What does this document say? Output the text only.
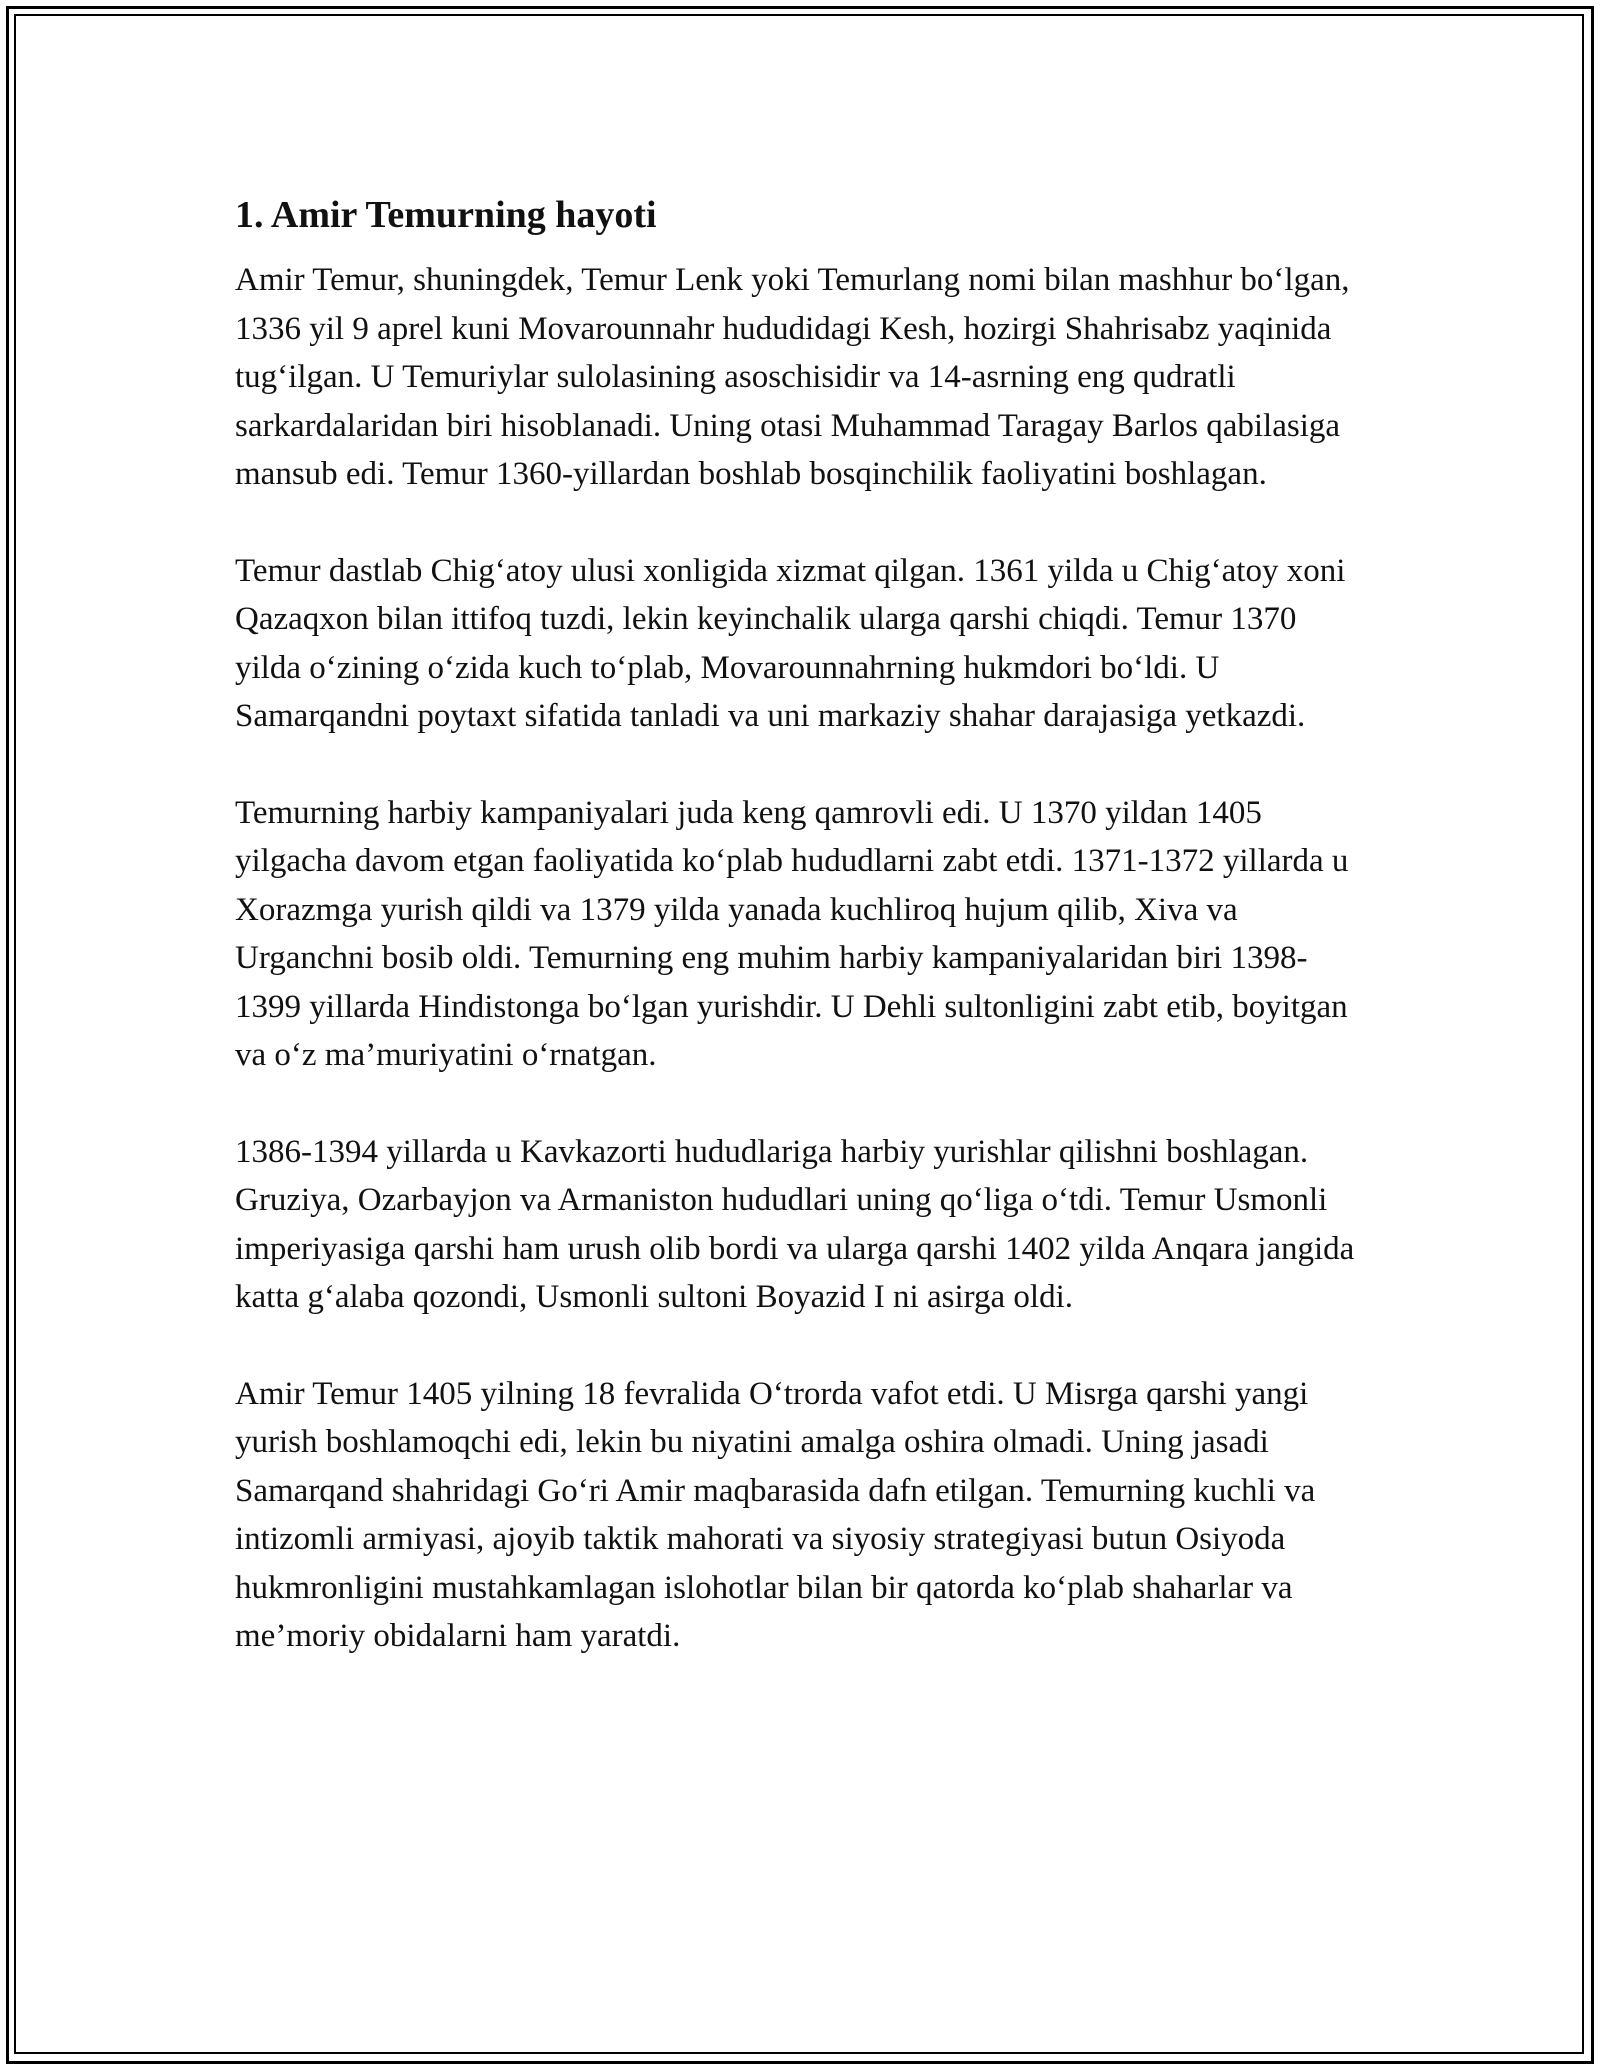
1. Amir Temurning hayoti

Amir Temur, shuningdek, Temur Lenk yoki Temurlang nomi bilan mashhur bo‘lgan, 1336 yil 9 aprel kuni Movarounnahr hududidagi Kesh, hozirgi Shahrisabz yaqinida tug‘ilgan. U Temuriylar sulolasining asoschisidir va 14-asrning eng qudratli sarkardalaridan biri hisoblanadi. Uning otasi Muhammad Taragay Barlos qabilasiga mansub edi. Temur 1360-yillardan boshlab bosqinchilik faoliyatini boshlagan.

Temur dastlab Chig‘atoy ulusi xonligida xizmat qilgan. 1361 yilda u Chig‘atoy xoni Qazaqxon bilan ittifoq tuzdi, lekin keyinchalik ularga qarshi chiqdi. Temur 1370 yilda o‘zining o‘zida kuch to‘plab, Movarounnahrning hukmdori bo‘ldi. U Samarqandni poytaxt sifatida tanladi va uni markaziy shahar darajasiga yetkazdi.

Temurning harbiy kampaniyalari juda keng qamrovli edi. U 1370 yildan 1405 yilgacha davom etgan faoliyatida ko‘plab hududlarni zabt etdi. 1371-1372 yillarda u Xorazmga yurish qildi va 1379 yilda yanada kuchliroq hujum qilib, Xiva va Urganchni bosib oldi. Temurning eng muhim harbiy kampaniyalaridan biri 1398-1399 yillarda Hindistonga bo‘lgan yurishdir. U Dehli sultonligini zabt etib, boyitgan va o‘z ma’muriyatini o‘rnatgan.

1386-1394 yillarda u Kavkazorti hududlariga harbiy yurishlar qilishni boshlagan. Gruziya, Ozarbayjon va Armaniston hududlari uning qo‘liga o‘tdi. Temur Usmonli imperiyasiga qarshi ham urush olib bordi va ularga qarshi 1402 yilda Anqara jangida katta g‘alaba qozondi, Usmonli sultoni Boyazid I ni asirga oldi.

Amir Temur 1405 yilning 18 fevralida O‘trorda vafot etdi. U Misrga qarshi yangi yurish boshlamoqchi edi, lekin bu niyatini amalga oshira olmadi. Uning jasadi Samarqand shahridagi Go‘ri Amir maqbarasida dafn etilgan. Temurning kuchli va intizomli armiyasi, ajoyib taktik mahorati va siyosiy strategiyasi butun Osiyoda hukmronligini mustahkamlagan islohotlar bilan bir qatorda ko‘plab shaharlar va me’moriy obidalarni ham yaratdi.
